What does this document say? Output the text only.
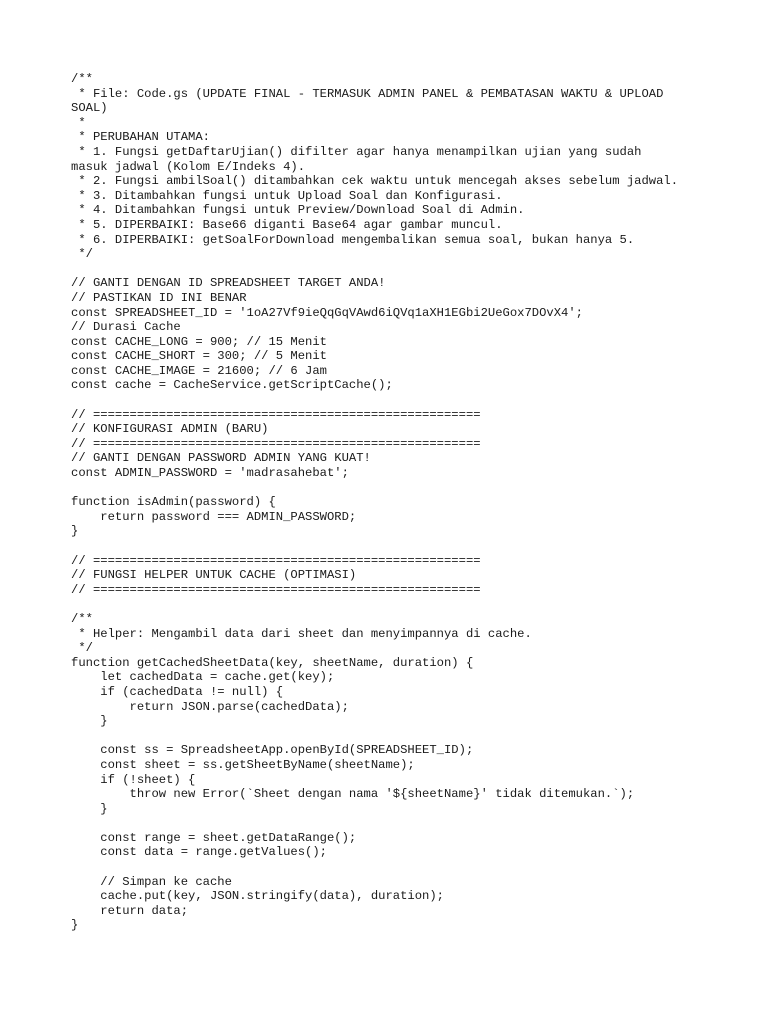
/**
* File: Code.gs (UPDATE FINAL - TERMASUK ADMIN PANEL & PEMBATASAN WAKTU & UPLOAD
SOAL)
*
* PERUBAHAN UTAMA:
* 1. Fungsi getDaftarUjian() difilter agar hanya menampilkan ujian yang sudah
masuk jadwal (Kolom E/Indeks 4).
* 2. Fungsi ambilSoal() ditambahkan cek waktu untuk mencegah akses sebelum jadwal.
* 3. Ditambahkan fungsi untuk Upload Soal dan Konfigurasi.
* 4. Ditambahkan fungsi untuk Preview/Download Soal di Admin.
* 5. DIPERBAIKI: Base66 diganti Base64 agar gambar muncul.
* 6. DIPERBAIKI: getSoalForDownload mengembalikan semua soal, bukan hanya 5.
*/
// GANTI DENGAN ID SPREADSHEET TARGET ANDA!
// PASTIKAN ID INI BENAR
const SPREADSHEET_ID = '1oA27Vf9ieQqGqVAwd6iQVq1aXH1EGbi2UeGox7DOvX4';
// Durasi Cache
const CACHE_LONG = 900; // 15 Menit
const CACHE_SHORT = 300; // 5 Menit
const CACHE_IMAGE = 21600; // 6 Jam
const cache = CacheService.getScriptCache();
// =====================================================
// KONFIGURASI ADMIN (BARU)
// =====================================================
// GANTI DENGAN PASSWORD ADMIN YANG KUAT!
const ADMIN_PASSWORD = 'madrasahebat';
function isAdmin(password) {
return password === ADMIN_PASSWORD;
}
// =====================================================
// FUNGSI HELPER UNTUK CACHE (OPTIMASI)
// =====================================================
/**
* Helper: Mengambil data dari sheet dan menyimpannya di cache.
*/
function getCachedSheetData(key, sheetName, duration) {
let cachedData = cache.get(key);
if (cachedData != null) {
return JSON.parse(cachedData);
}
const ss = SpreadsheetApp.openById(SPREADSHEET_ID);
const sheet = ss.getSheetByName(sheetName);
if (!sheet) {
throw new Error(`Sheet dengan nama '${sheetName}' tidak ditemukan.`);
}
const range = sheet.getDataRange();
const data = range.getValues();
// Simpan ke cache
cache.put(key, JSON.stringify(data), duration);
return data;
}
